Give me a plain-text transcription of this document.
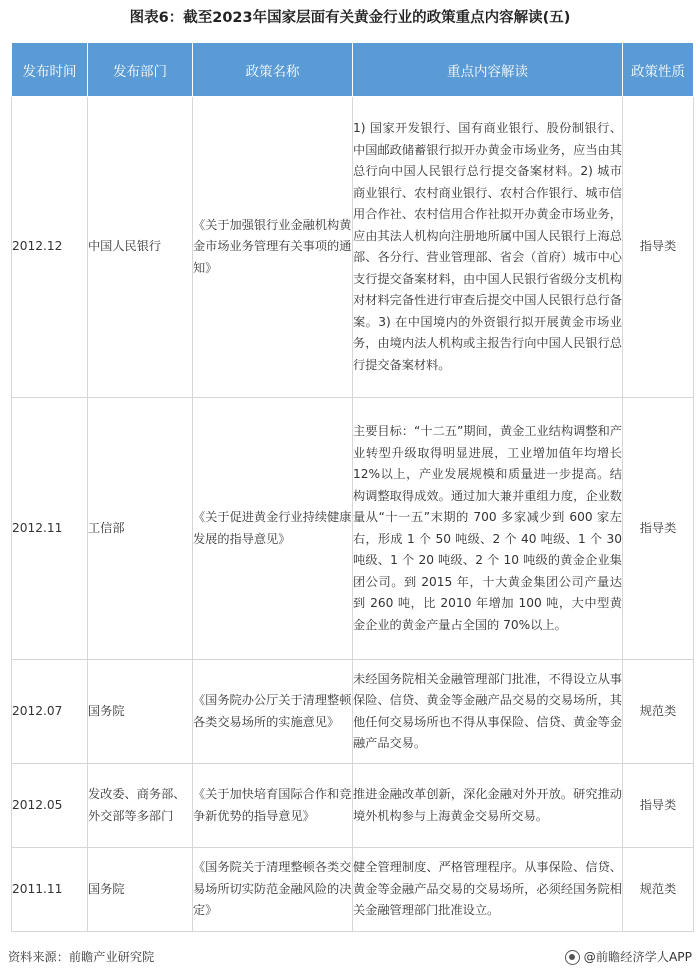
图表6：截至2023年国家层面有关黄金行业的政策重点内容解读(五)
发布时间	发布部门	政策名称	重点内容解读	政策性质
2012.12	中国人民银行	《关于加强银行业金融机构黄金市场业务管理有关事项的通知》	1) 国家开发银行、国有商业银行、股份制银行、中国邮政储蓄银行拟开办黄金市场业务，应当由其总行向中国人民银行总行提交备案材料。2) 城市商业银行、农村商业银行、农村合作银行、城市信用合作社、农村信用合作社拟开办黄金市场业务，应由其法人机构向注册地所属中国人民银行上海总部、各分行、营业管理部、省会（首府）城市中心支行提交备案材料，由中国人民银行省级分支机构对材料完备性进行审查后提交中国人民银行总行备案。3) 在中国境内的外资银行拟开展黄金市场业务，由境内法人机构或主报告行向中国人民银行总行提交备案材料。	指导类
2012.11	工信部	《关于促进黄金行业持续健康发展的指导意见》	主要目标：“十二五”期间，黄金工业结构调整和产业转型升级取得明显进展，工业增加值年均增长12%以上，产业发展规模和质量进一步提高。结构调整取得成效。通过加大兼并重组力度，企业数量从“十一五”末期的 700 多家减少到 600 家左右，形成 1 个 50 吨级、2 个 40 吨级、1 个 30 吨级、1 个 20 吨级、2 个 10 吨级的黄金企业集团公司。到 2015 年，十大黄金集团公司产量达到 260 吨，比 2010 年增加 100 吨，大中型黄金企业的黄金产量占全国的 70%以上。	指导类
2012.07	国务院	《国务院办公厅关于清理整顿各类交易场所的实施意见》	未经国务院相关金融管理部门批准，不得设立从事保险、信贷、黄金等金融产品交易的交易场所，其他任何交易场所也不得从事保险、信贷、黄金等金融产品交易。	规范类
2012.05	发改委、商务部、外交部等多部门	《关于加快培育国际合作和竞争新优势的指导意见》	推进金融改革创新，深化金融对外开放。研究推动境外机构参与上海黄金交易所交易。	指导类
2011.11	国务院	《国务院关于清理整顿各类交易场所切实防范金融风险的决定》	健全管理制度、严格管理程序。从事保险、信贷、黄金等金融产品交易的交易场所，必须经国务院相关金融管理部门批准设立。	规范类
资料来源：前瞻产业研究院	@前瞻经济学人APP
